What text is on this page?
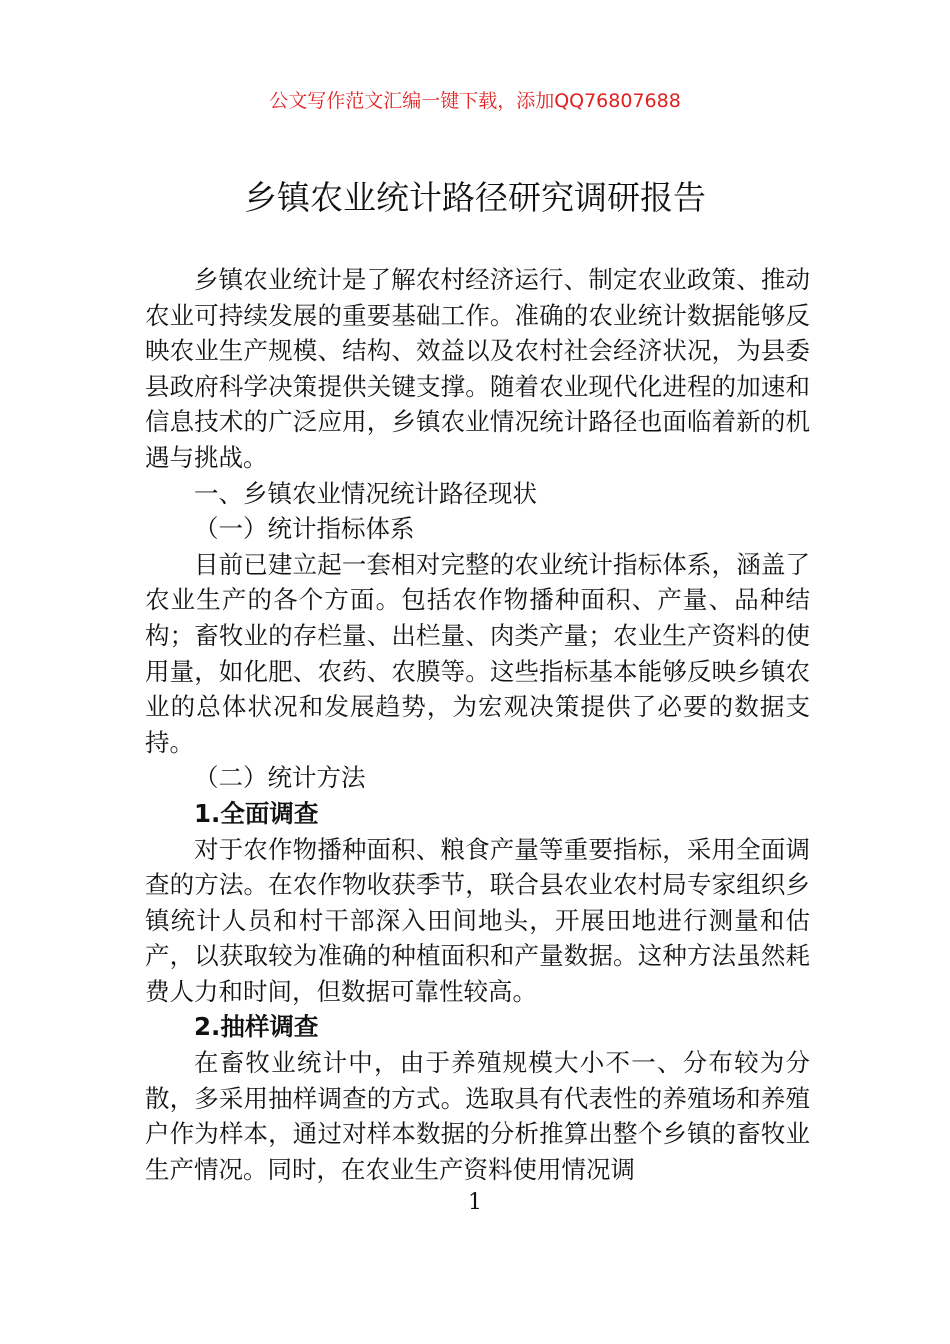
公文写作范文汇编一键下载，添加QQ76807688
乡镇农业统计路径研究调研报告

乡镇农业统计是了解农村经济运行、制定农业政策、推动农业可持续发展的重要基础工作。准确的农业统计数据能够反映农业生产规模、结构、效益以及农村社会经济状况，为县委县政府科学决策提供关键支撑。随着农业现代化进程的加速和信息技术的广泛应用，乡镇农业情况统计路径也面临着新的机遇与挑战。

一、乡镇农业情况统计路径现状

（一）统计指标体系

目前已建立起一套相对完整的农业统计指标体系，涵盖了农业生产的各个方面。包括农作物播种面积、产量、品种结构；畜牧业的存栏量、出栏量、肉类产量；农业生产资料的使用量，如化肥、农药、农膜等。这些指标基本能够反映乡镇农业的总体状况和发展趋势，为宏观决策提供了必要的数据支持。

（二）统计方法

1.全面调查

对于农作物播种面积、粮食产量等重要指标，采用全面调查的方法。在农作物收获季节，联合县农业农村局专家组织乡镇统计人员和村干部深入田间地头，开展田地进行测量和估产，以获取较为准确的种植面积和产量数据。这种方法虽然耗费人力和时间，但数据可靠性较高。

2.抽样调查

在畜牧业统计中，由于养殖规模大小不一、分布较为分散，多采用抽样调查的方式。选取具有代表性的养殖场和养殖户作为样本，通过对样本数据的分析推算出整个乡镇的畜牧业生产情况。同时，在农业生产资料使用情况调

1
